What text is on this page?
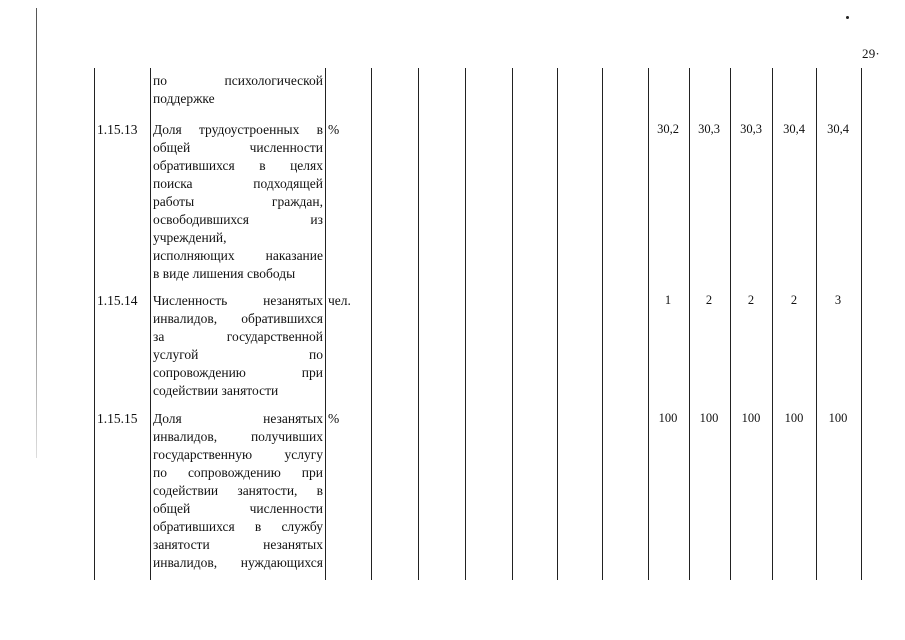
29·
по психологической
поддержке
1.15.13	Доля трудоустроенных в
общей численности
обратившихся в целях
поиска подходящей
работы граждан,
освободившихся из
учреждений,
исполняющих наказание
в виде лишения свободы
%	30,2	30,3	30,3	30,4	30,4
1.15.14	Численность незанятых
инвалидов, обратившихся
за государственной
услугой по
сопровождению при
содействии занятости
чел.	1	2	2	2	3
1.15.15	Доля незанятых
инвалидов, получивших
государственную услугу
по сопровождению при
содействии занятости, в
общей численности
обратившихся в службу
занятости незанятых
инвалидов, нуждающихся
%	100	100	100	100	100
